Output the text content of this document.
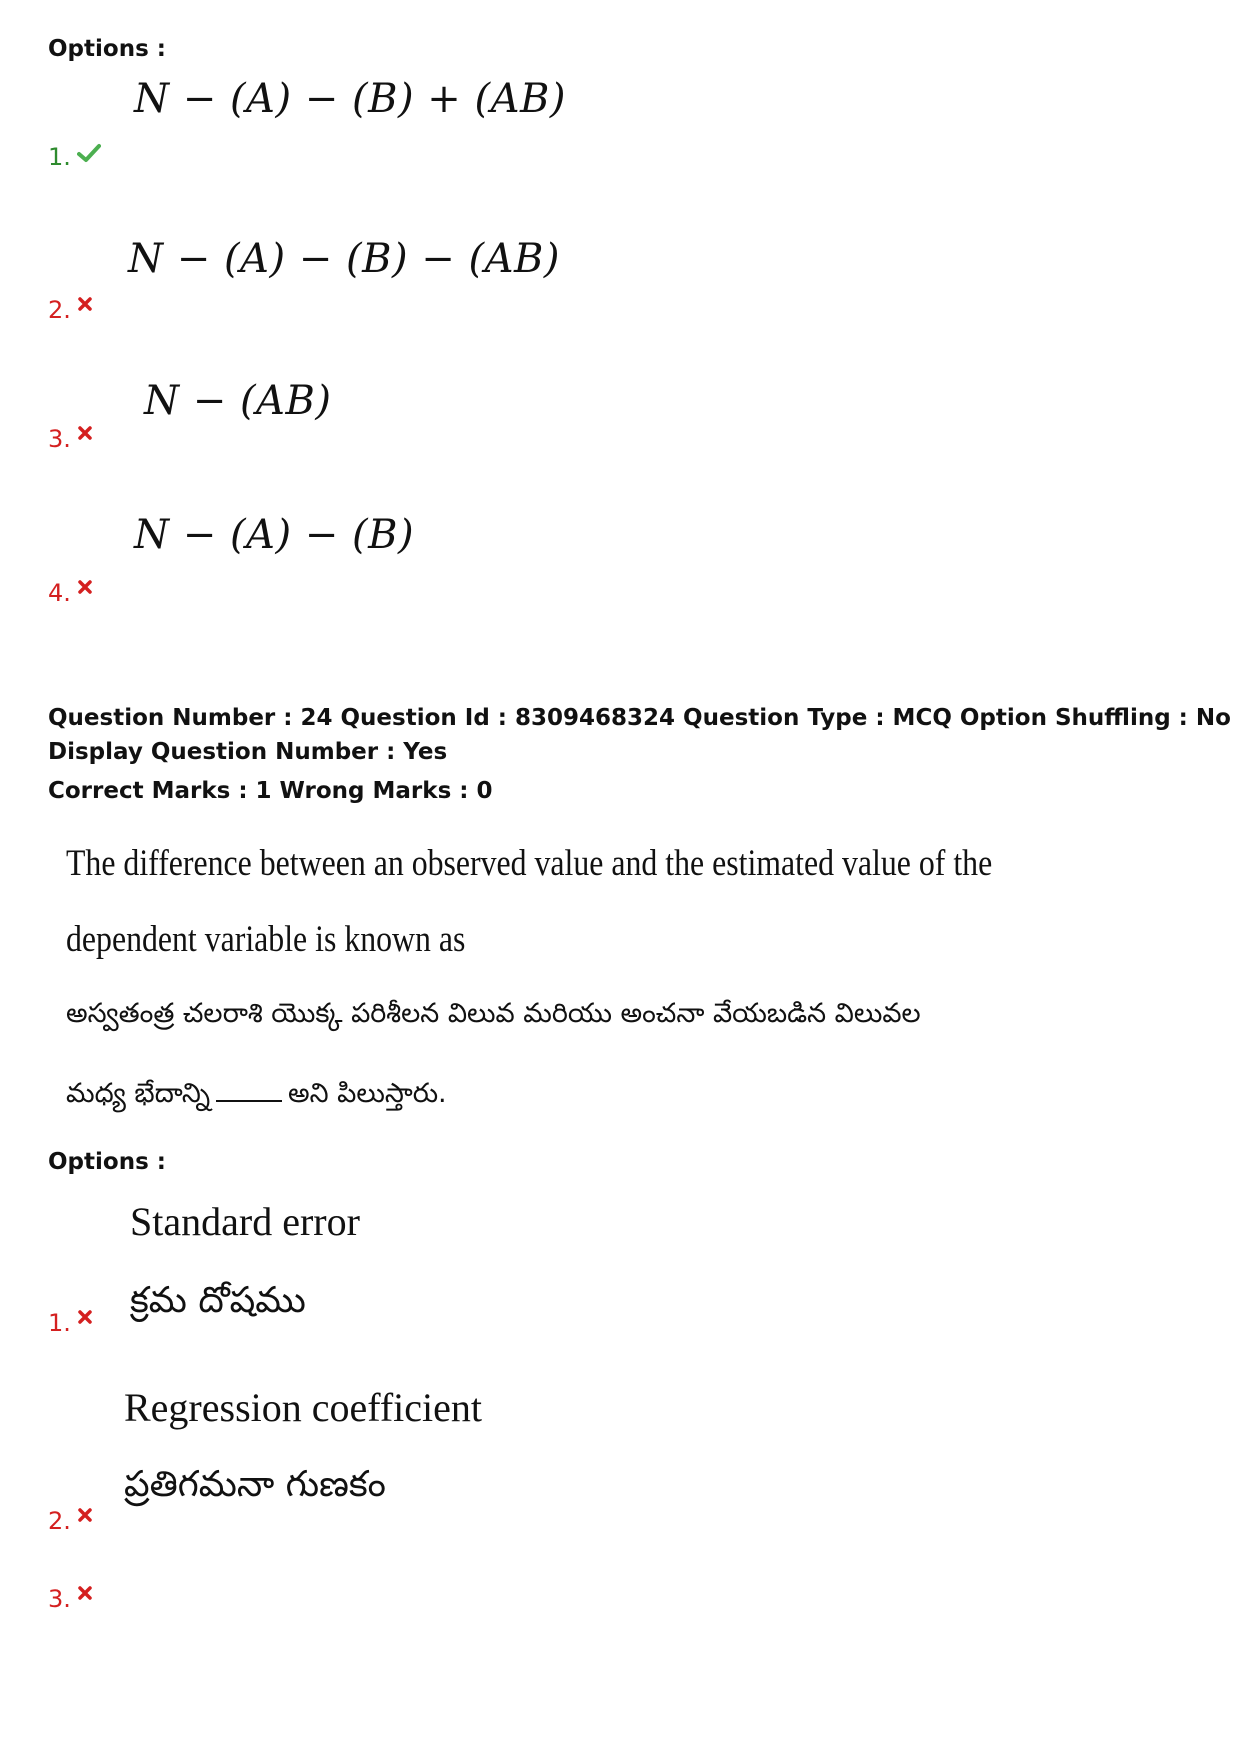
Options :
N − (A) − (B) + (AB)
1.
N − (A) − (B) − (AB)
2.
N − (AB)
3.
N − (A) − (B)
4.
Question Number : 24 Question Id : 8309468324 Question Type : MCQ Option Shuffling : No
Display Question Number : Yes
Correct Marks : 1 Wrong Marks : 0
The difference between an observed value and the estimated value of the
dependent variable is known as
అస్వతంత్ర చలరాశి యొక్క పరిశీలన విలువ మరియు అంచనా వేయబడిన విలువల
మధ్య భేదాన్ని	అని పిలుస్తారు.
Options :
Standard error
క్రమ దోషము
1.
Regression coefficient
ప్రతిగమనా గుణకం
2.
3.
